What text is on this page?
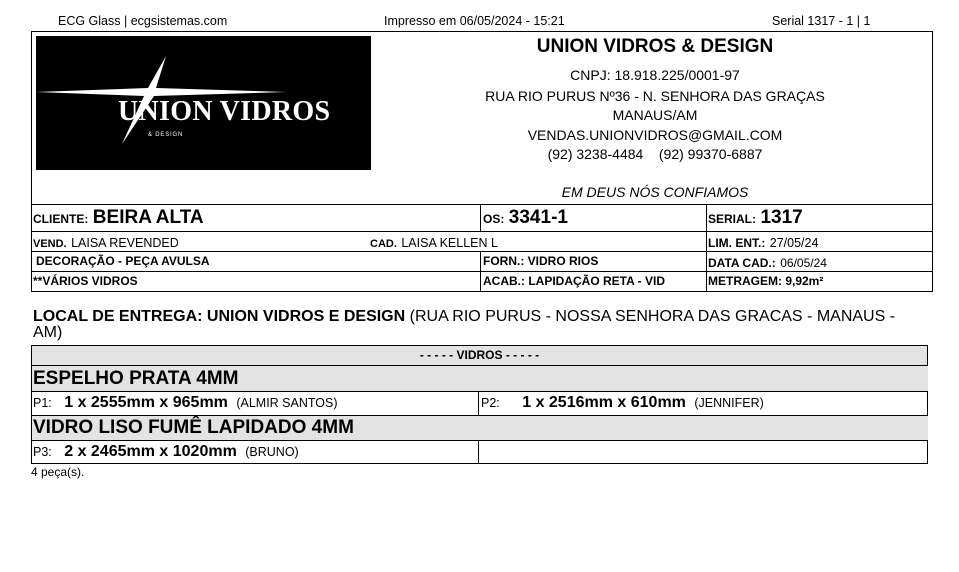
ECG Glass | ecgsistemas.com	Impresso em 06/05/2024 - 15:21	Serial 1317 - 1 | 1
UNION VIDROS
& DESIGN
UNION VIDROS & DESIGN
CNPJ: 18.918.225/0001-97
RUA RIO PURUS Nº36 - N. SENHORA DAS GRAÇAS
MANAUS/AM
VENDAS.UNIONVIDROS@GMAIL.COM
(92) 3238-4484    (92) 99370-6887
EM DEUS NÓS CONFIAMOS
CLIENTE: BEIRA ALTA	OS: 3341-1	SERIAL: 1317
VEND. LAISA REVENDED	CAD. LAISA KELLEN L	LIM. ENT.: 27/05/24
DECORAÇÃO - PEÇA AVULSA	FORN.: VIDRO RIOS	DATA CAD.: 06/05/24
**VÁRIOS VIDROS	ACAB.: LAPIDAÇÃO RETA - VID	METRAGEM: 9,92m²
LOCAL DE ENTREGA: UNION VIDROS E DESIGN (RUA RIO PURUS - NOSSA SENHORA DAS GRACAS - MANAUS -
AM)
- - - - - VIDROS - - - - -
ESPELHO PRATA 4MM
P1: 1 x 2555mm x 965mm (ALMIR SANTOS)	P2: 1 x 2516mm x 610mm (JENNIFER)
VIDRO LISO FUMÊ LAPIDADO 4MM
P3: 2 x 2465mm x 1020mm (BRUNO)
4 peça(s).
